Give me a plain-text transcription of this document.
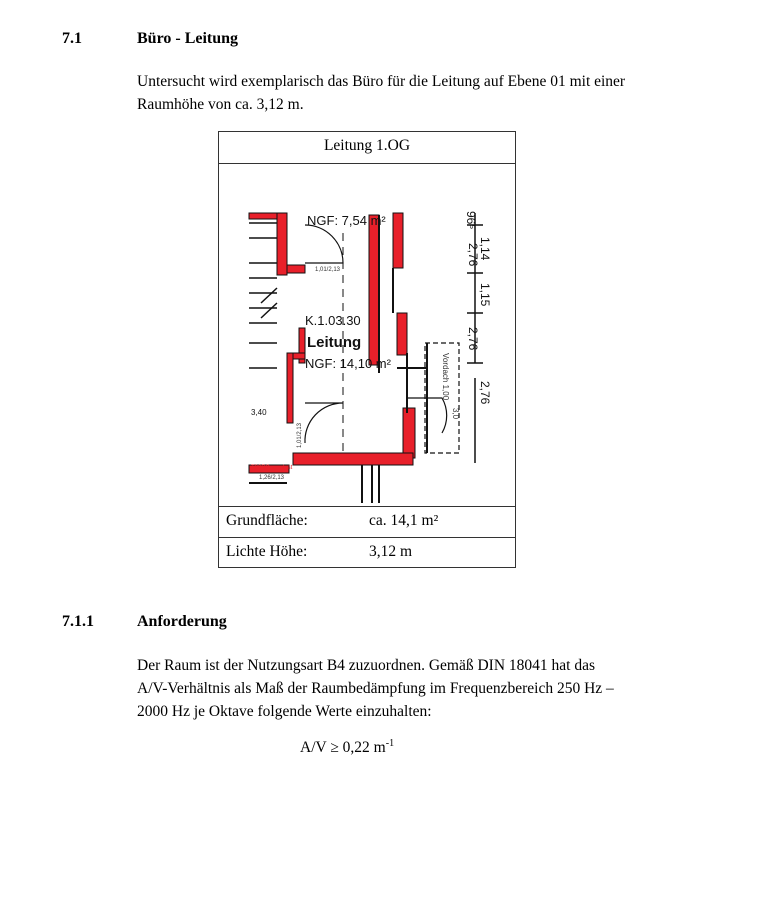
7.1	Büro - Leitung
Untersucht wird exemplarisch das Büro für die Leitung auf Ebene 01 mit einer
Raumhöhe von ca. 3,12 m.
Leitung 1.OG
NGF: 7,54 m²
1,01/2,13
K.1.03.30
Leitung
NGF: 14,10 m²
3,40
1,01/2,13
T30RS verglast
1,26/2,13
Vordach 1,00
3,0
96⁵
1,14
2,76
1,15
2,76
2,76
Grundfläche:	ca. 14,1 m²
Lichte Höhe:	3,12 m
7.1.1	Anforderung
Der Raum ist der Nutzungsart B4 zuzuordnen. Gemäß DIN 18041 hat das
A/V-Verhältnis als Maß der Raumbedämpfung im Frequenzbereich 250 Hz –
2000 Hz je Oktave folgende Werte einzuhalten:
A/V ≥ 0,22 $m^{-1}$
